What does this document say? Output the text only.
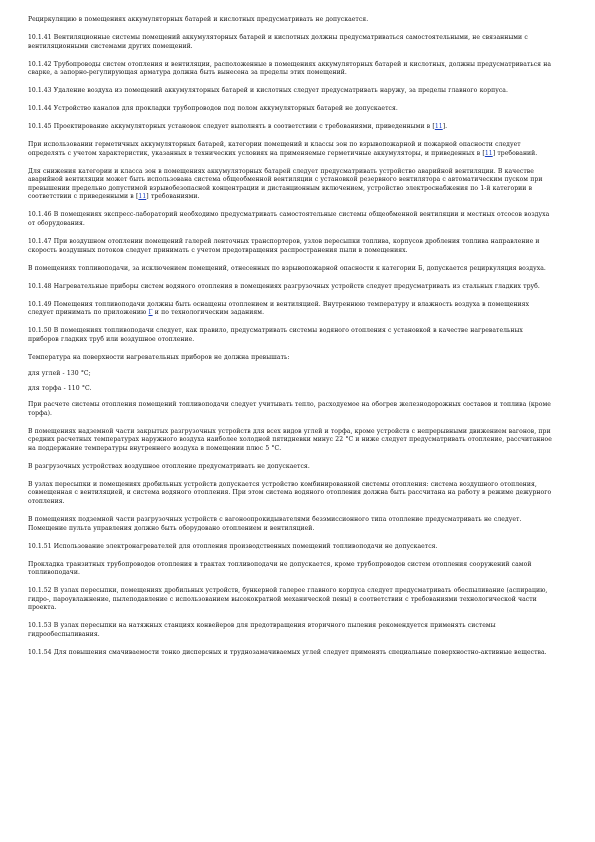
Рециркуляцию в помещениях аккумуляторных батарей и кислотных предусматривать не допускается.

10.1.41 Вентиляционные системы помещений аккумуляторных батарей и кислотных должны предусматриваться самостоятельными, не связанными с вентиляционными системами других помещений.

10.1.42 Трубопроводы систем отопления и вентиляции, расположенные в помещениях аккумуляторных батарей и кислотных, должны предусматриваться на сварке, а запорно-регулирующая арматура должна быть вынесена за пределы этих помещений.

10.1.43 Удаление воздуха из помещений аккумуляторных батарей и кислотных следует предусматривать наружу, за пределы главного корпуса.

10.1.44 Устройство каналов для прокладки трубопроводов под полом аккумуляторных батарей не допускается.

10.1.45 Проектирование аккумуляторных установок следует выполнять в соответствии с требованиями, приведенными в [11].

При использовании герметичных аккумуляторных батарей, категории помещений и классы зон по взрывопожарной и пожарной опасности следует определять с учетом характеристик, указанных в технических условиях на применяемые герметичные аккумуляторы, и приведенных в [11] требований.

Для снижения категории и класса зон в помещениях аккумуляторных батарей следует предусматривать устройство аварийной вентиляции. В качестве аварийной вентиляции может быть использована система общеобменной вентиляции с установкой резервного вентилятора с автоматическим пуском при превышении предельно допустимой взрывобезопасной концентрации и дистанционным включением, устройство электроснабжения по 1-й категории в соответствии с приведенными в [11] требованиями.

10.1.46 В помещениях экспресс-лабораторий необходимо предусматривать самостоятельные системы общеобменной вентиляции и местных отсосов воздуха от оборудования.

10.1.47 При воздушном отоплении помещений галерей ленточных транспортеров, узлов пересыпки топлива, корпусов дробления топлива направление и скорость воздушных потоков следует принимать с учетом предотвращения распространения пыли в помещениях.

В помещениях топливоподачи, за исключением помещений, отнесенных по взрывопожарной опасности к категории Б, допускается рециркуляция воздуха.

10.1.48 Нагревательные приборы систем водяного отопления в помещениях разгрузочных устройств следует предусматривать из стальных гладких труб.

10.1.49 Помещения топливоподачи должны быть оснащены отоплением и вентиляцией. Внутреннюю температуру и влажность воздуха в помещениях следует принимать по приложению Г и по технологическим заданиям.

10.1.50 В помещениях топливоподачи следует, как правило, предусматривать системы водяного отопления с установкой в качестве нагревательных приборов гладких труб или воздушное отопление.

Температура на поверхности нагревательных приборов не должна превышать:

для углей - 130 °С;

для торфа - 110 °С.

При расчете системы отопления помещений топливоподачи следует учитывать тепло, расходуемое на обогрев железнодорожных составов и топлива (кроме торфа).

В помещениях надземной части закрытых разгрузочных устройств для всех видов углей и торфа, кроме устройств с непрерывными движением вагонов, при средних расчетных температурах наружного воздуха наиболее холодной пятидневки минус 22 °С и ниже следует предусматривать отопление, рассчитанное на поддержание температуры внутреннего воздуха в помещении плюс 5 °С.

В разгрузочных устройствах воздушное отопление предусматривать не допускается.

В узлах пересыпки и помещениях дробильных устройств допускается устройство комбинированной системы отопления: система воздушного отопления, совмещенная с вентиляцией, и система водяного отопления. При этом система водяного отопления должна быть рассчитана на работу в режиме дежурного отопления.

В помещениях подземной части разгрузочных устройств с вагоноопрокидывателями безэмиссионного типа отопление предусматривать не следует. Помещение пульта управления должно быть оборудовано отоплением и вентиляцией.

10.1.51 Использование электронагревателей для отопления производственных помещений топливоподачи не допускается.

Прокладка транзитных трубопроводов отопления в трактах топливоподачи не допускается, кроме трубопроводов систем отопления сооружений самой топливоподачи.

10.1.52 В узлах пересыпки, помещениях дробильных устройств, бункерной галерее главного корпуса следует предусматривать обеспыливание (аспирацию, гидро-, пароувлажнение, пылеподавление с использованием высокократной механической пены) в соответствии с требованиями технологической части проекта.

10.1.53 В узлах пересыпки на натяжных станциях конвейеров для предотвращения вторичного пыления рекомендуется применять системы гидрообеспыливания.

10.1.54 Для повышения смачиваемости тонко дисперсных и труднозамачиваемых углей следует применять специальные поверхностно-активные вещества.
